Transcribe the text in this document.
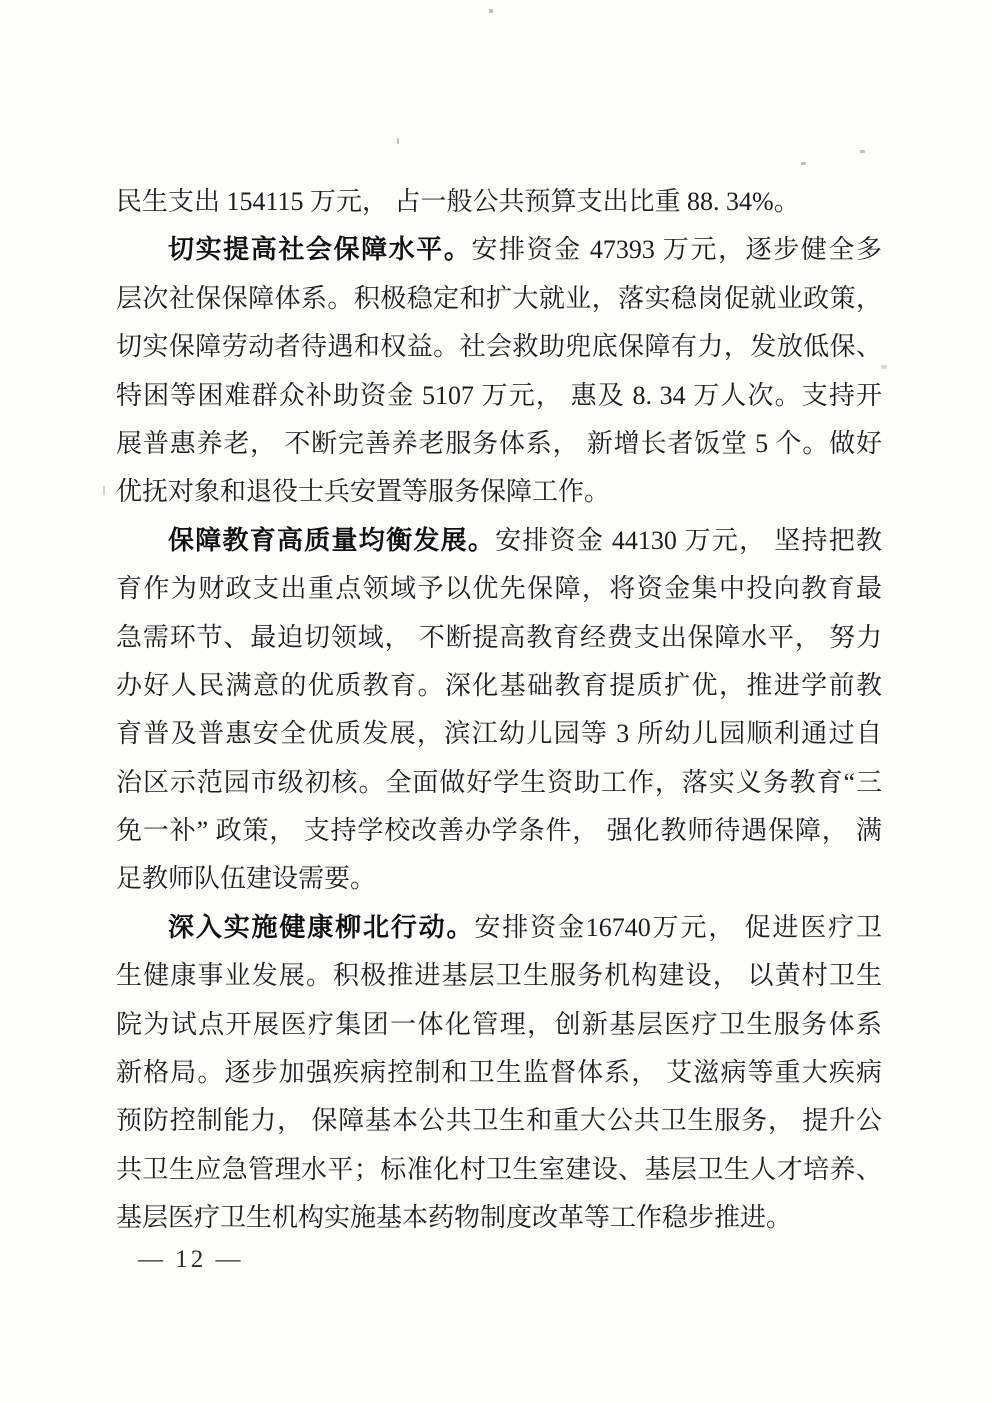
民生支出 154115 万元， 占一般公共预算支出比重 88. 34%。
切实提高社会保障水平。安排资金 47393 万元，逐步健全多
层次社保保障体系。积极稳定和扩大就业，落实稳岗促就业政策，
切实保障劳动者待遇和权益。社会救助兜底保障有力，发放低保、
特困等困难群众补助资金 5107 万元， 惠及 8. 34 万人次。支持开
展普惠养老， 不断完善养老服务体系， 新增长者饭堂 5 个。做好
优抚对象和退役士兵安置等服务保障工作。
保障教育高质量均衡发展。安排资金 44130 万元， 坚持把教
育作为财政支出重点领域予以优先保障，将资金集中投向教育最
急需环节、最迫切领域， 不断提高教育经费支出保障水平， 努力
办好人民满意的优质教育。深化基础教育提质扩优，推进学前教
育普及普惠安全优质发展，滨江幼儿园等 3 所幼儿园顺利通过自
治区示范园市级初核。全面做好学生资助工作，落实义务教育“三
免一补” 政策， 支持学校改善办学条件， 强化教师待遇保障， 满
足教师队伍建设需要。
深入实施健康柳北行动。安排资金16740万元， 促进医疗卫
生健康事业发展。积极推进基层卫生服务机构建设， 以黄村卫生
院为试点开展医疗集团一体化管理，创新基层医疗卫生服务体系
新格局。逐步加强疾病控制和卫生监督体系， 艾滋病等重大疾病
预防控制能力， 保障基本公共卫生和重大公共卫生服务， 提升公
共卫生应急管理水平；标准化村卫生室建设、基层卫生人才培养、
基层医疗卫生机构实施基本药物制度改革等工作稳步推进。
— 12 —
